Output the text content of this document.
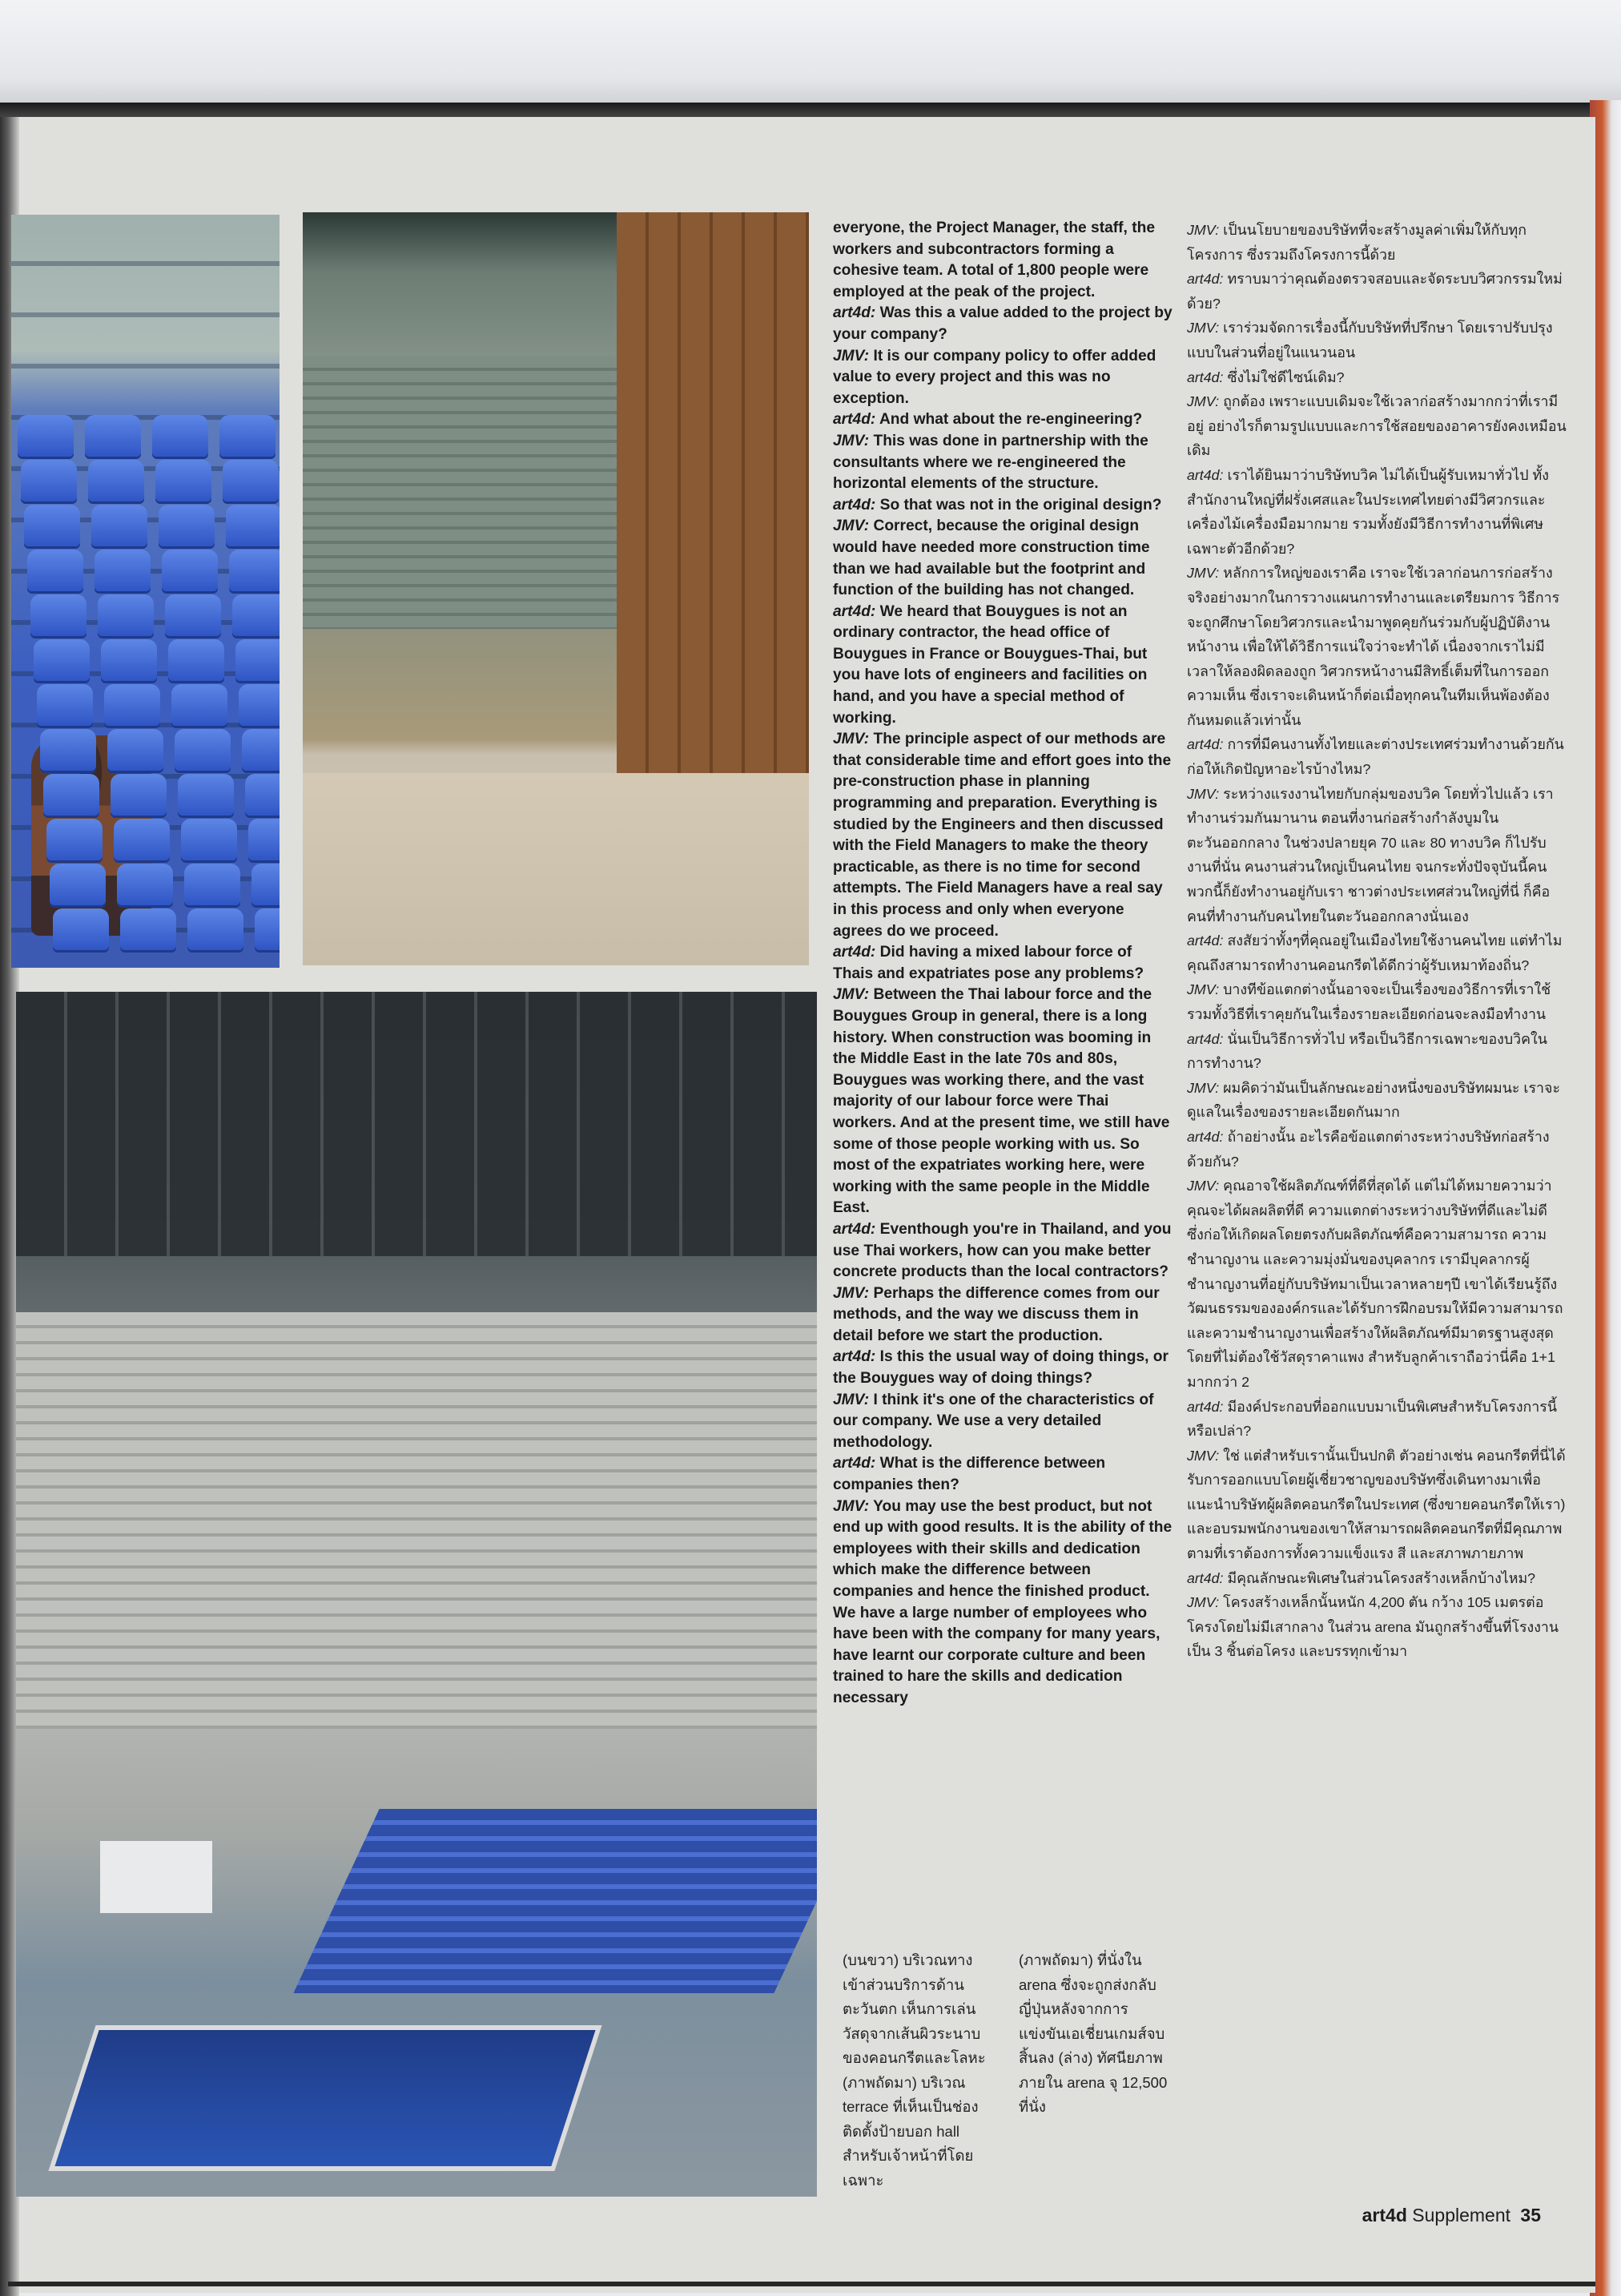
everyone, the Project Manager, the staff, the workers and subcontractors forming a cohesive team. A total of 1,800 people were employed at the peak of the project.

art4d: Was this a value added to the project by your company?

JMV: It is our company policy to offer added value to every project and this was no exception.

art4d: And what about the re-engineering?

JMV: This was done in partnership with the consultants where we re-engineered the horizontal elements of the structure.

art4d: So that was not in the original design?

JMV: Correct, because the original design would have needed more construction time than we had available but the footprint and function of the building has not changed.

art4d: We heard that Bouygues is not an ordinary contractor, the head office of Bouygues in France or Bouygues-Thai, but you have lots of engineers and facilities on hand, and you have a special method of working.

JMV: The principle aspect of our methods are that considerable time and effort goes into the pre-construction phase in planning programming and preparation. Everything is studied by the Engineers and then discussed with the Field Managers to make the theory practicable, as there is no time for second attempts. The Field Managers have a real say in this process and only when everyone agrees do we proceed.

art4d: Did having a mixed labour force of Thais and expatriates pose any problems?

JMV: Between the Thai labour force and the Bouygues Group in general, there is a long history. When construction was booming in the Middle East in the late 70s and 80s, Bouygues was working there, and the vast majority of our labour force were Thai workers. And at the present time, we still have some of those people working with us. So most of the expatriates working here, were working with the same people in the Middle East.

art4d: Eventhough you're in Thailand, and you use Thai workers, how can you make better concrete products than the local contractors?

JMV: Perhaps the difference comes from our methods, and the way we discuss them in detail before we start the production.

art4d: Is this the usual way of doing things, or the Bouygues way of doing things?

JMV: I think it's one of the characteristics of our company. We use a very detailed methodology.

art4d: What is the difference between companies then?

JMV: You may use the best product, but not end up with good results. It is the ability of the employees with their skills and dedication which make the difference between companies and hence the finished product. We have a large number of employees who have been with the company for many years, have learnt our corporate culture and been trained to hare the skills and dedication necessary

JMV: เป็นนโยบายของบริษัทที่จะสร้างมูลค่าเพิ่มให้กับทุกโครงการ ซึ่งรวมถึงโครงการนี้ด้วย

art4d: ทราบมาว่าคุณต้องตรวจสอบและจัดระบบวิศวกรรมใหม่ด้วย?

JMV: เราร่วมจัดการเรื่องนี้กับบริษัทที่ปรึกษา โดยเราปรับปรุงแบบในส่วนที่อยู่ในแนวนอน

art4d: ซึ่งไม่ใช่ดีไซน์เดิม?

JMV: ถูกต้อง เพราะแบบเดิมจะใช้เวลาก่อสร้างมากกว่าที่เรามีอยู่ อย่างไรก็ตามรูปแบบและการใช้สอยของอาคารยังคงเหมือนเดิม

art4d: เราได้ยินมาว่าบริษัทบวิค ไม่ได้เป็นผู้รับเหมาทั่วไป ทั้งสำนักงานใหญ่ที่ฝรั่งเศสและในประเทศไทยต่างมีวิศวกรและเครื่องไม้เครื่องมือมากมาย รวมทั้งยังมีวิธีการทำงานที่พิเศษเฉพาะตัวอีกด้วย?

JMV: หลักการใหญ่ของเราคือ เราจะใช้เวลาก่อนการก่อสร้างจริงอย่างมากในการวางแผนการทำงานและเตรียมการ วิธีการจะถูกศึกษาโดยวิศวกรและนำมาพูดคุยกันร่วมกับผู้ปฏิบัติงานหน้างาน เพื่อให้ได้วิธีการแน่ใจว่าจะทำได้ เนื่องจากเราไม่มีเวลาให้ลองผิดลองถูก วิศวกรหน้างานมีสิทธิ์เต็มที่ในการออกความเห็น ซึ่งเราจะเดินหน้าก็ต่อเมื่อทุกคนในทีมเห็นพ้องต้องกันหมดแล้วเท่านั้น

art4d: การที่มีคนงานทั้งไทยและต่างประเทศร่วมทำงานด้วยกัน ก่อให้เกิดปัญหาอะไรบ้างไหม?

JMV: ระหว่างแรงงานไทยกับกลุ่มของบวิค โดยทั่วไปแล้ว เราทำงานร่วมกันมานาน ตอนที่งานก่อสร้างกำลังบูมในตะวันออกกลาง ในช่วงปลายยุค 70 และ 80 ทางบวิค ก็ไปรับงานที่นั่น คนงานส่วนใหญ่เป็นคนไทย จนกระทั่งปัจจุบันนี้คนพวกนี้ก็ยังทำงานอยู่กับเรา ชาวต่างประเทศส่วนใหญ่ที่นี่ ก็คือคนที่ทำงานกับคนไทยในตะวันออกกลางนั่นเอง

art4d: สงสัยว่าทั้งๆที่คุณอยู่ในเมืองไทยใช้งานคนไทย แต่ทำไมคุณถึงสามารถทำงานคอนกรีตได้ดีกว่าผู้รับเหมาท้องถิ่น?

JMV: บางทีข้อแตกต่างนั้นอาจจะเป็นเรื่องของวิธีการที่เราใช้ รวมทั้งวิธีที่เราคุยกันในเรื่องรายละเอียดก่อนจะลงมือทำงาน

art4d: นั่นเป็นวิธีการทั่วไป หรือเป็นวิธีการเฉพาะของบวิคในการทำงาน?

JMV: ผมคิดว่ามันเป็นลักษณะอย่างหนึ่งของบริษัทผมนะ เราจะดูแลในเรื่องของรายละเอียดกันมาก

art4d: ถ้าอย่างนั้น อะไรคือข้อแตกต่างระหว่างบริษัทก่อสร้างด้วยกัน?

JMV: คุณอาจใช้ผลิตภัณฑ์ที่ดีที่สุดได้ แต่ไม่ได้หมายความว่าคุณจะได้ผลผลิตที่ดี ความแตกต่างระหว่างบริษัทที่ดีและไม่ดี ซึ่งก่อให้เกิดผลโดยตรงกับผลิตภัณฑ์คือความสามารถ ความชำนาญงาน และความมุ่งมั่นของบุคลากร เรามีบุคลากรผู้ชำนาญงานที่อยู่กับบริษัทมาเป็นเวลาหลายๆปี เขาได้เรียนรู้ถึงวัฒนธรรมขององค์กรและได้รับการฝึกอบรมให้มีความสามารถและความชำนาญงานเพื่อสร้างให้ผลิตภัณฑ์มีมาตรฐานสูงสุด โดยที่ไม่ต้องใช้วัสดุราคาแพง สำหรับลูกค้าเราถือว่านี่คือ 1+1 มากกว่า 2

art4d: มีองค์ประกอบที่ออกแบบมาเป็นพิเศษสำหรับโครงการนี้หรือเปล่า?

JMV: ใช่ แต่สำหรับเรานั้นเป็นปกติ ตัวอย่างเช่น คอนกรีตที่นี่ได้รับการออกแบบโดยผู้เชี่ยวชาญของบริษัทซึ่งเดินทางมาเพื่อแนะนำบริษัทผู้ผลิตคอนกรีตในประเทศ (ซึ่งขายคอนกรีตให้เรา) และอบรมพนักงานของเขาให้สามารถผลิตคอนกรีตที่มีคุณภาพตามที่เราต้องการทั้งความแข็งแรง สี และสภาพภายภาพ

art4d: มีคุณลักษณะพิเศษในส่วนโครงสร้างเหล็กบ้างไหม?

JMV: โครงสร้างเหล็กนั้นหนัก 4,200 ตัน กว้าง 105 เมตรต่อโครงโดยไม่มีเสากลาง ในส่วน arena มันถูกสร้างขึ้นที่โรงงานเป็น 3 ชิ้นต่อโครง และบรรทุกเข้ามา

(บนขวา) บริเวณทางเข้าส่วนบริการด้านตะวันตก เห็นการเล่นวัสดุจากเส้นผิวระนาบของคอนกรีตและโลหะ (ภาพถัดมา) บริเวณ terrace ที่เห็นเป็นช่องติดตั้งป้ายบอก hall สำหรับเจ้าหน้าที่โดยเฉพาะ
(ภาพถัดมา) ที่นั่งใน arena ซึ่งจะถูกส่งกลับญี่ปุ่นหลังจากการแข่งขันเอเชี่ยนเกมส์จบสิ้นลง (ล่าง) ทัศนียภาพภายใน arena จุ 12,500 ที่นั่ง
art4d Supplement 35
